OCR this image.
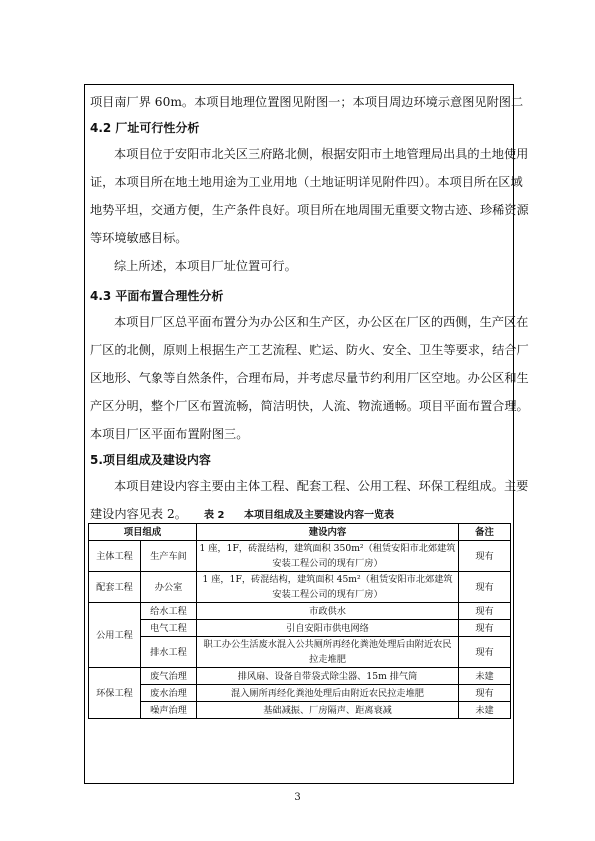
项目南厂界 60m。本项目地理位置图见附图一；本项目周边环境示意图见附图二

4.2 厂址可行性分析

本项目位于安阳市北关区三府路北侧，根据安阳市土地管理局出具的土地使用

证，本项目所在地土地用途为工业用地（土地证明详见附件四）。本项目所在区域

地势平坦，交通方便，生产条件良好。项目所在地周围无重要文物古迹、珍稀资源

等环境敏感目标。

综上所述，本项目厂址位置可行。

4.3 平面布置合理性分析

本项目厂区总平面布置分为办公区和生产区，办公区在厂区的西侧，生产区在

厂区的北侧，原则上根据生产工艺流程、贮运、防火、安全、卫生等要求，结合厂

区地形、气象等自然条件，合理布局，并考虑尽量节约利用厂区空地。办公区和生

产区分明，整个厂区布置流畅，简洁明快，人流、物流通畅。项目平面布置合理。

本项目厂区平面布置附图三。

5.项目组成及建设内容

本项目建设内容主要由主体工程、配套工程、公用工程、环保工程组成。主要

建设内容见表 2。	表 2 本项目组成及主要建设内容一览表
项目组成		建设内容	备注
主体工程	生产车间	1 座，1F，砖混结构，建筑面积 350m²（租赁安阳市北郊建筑安装工程公司的现有厂房）	现有
配套工程	办公室	1 座，1F，砖混结构，建筑面积 45m²（租赁安阳市北郊建筑安装工程公司的现有厂房）	现有
公用工程	给水工程	市政供水	现有
	电气工程	引自安阳市供电网络	现有
	排水工程	职工办公生活废水混入公共厕所再经化粪池处理后由附近农民拉走堆肥	现有
环保工程	废气治理	排风扇、设备自带袋式除尘器、15m 排气筒	未建
	废水治理	混入厕所再经化粪池处理后由附近农民拉走堆肥	现有
	噪声治理	基础减振、厂房隔声、距离衰减	未建
3
